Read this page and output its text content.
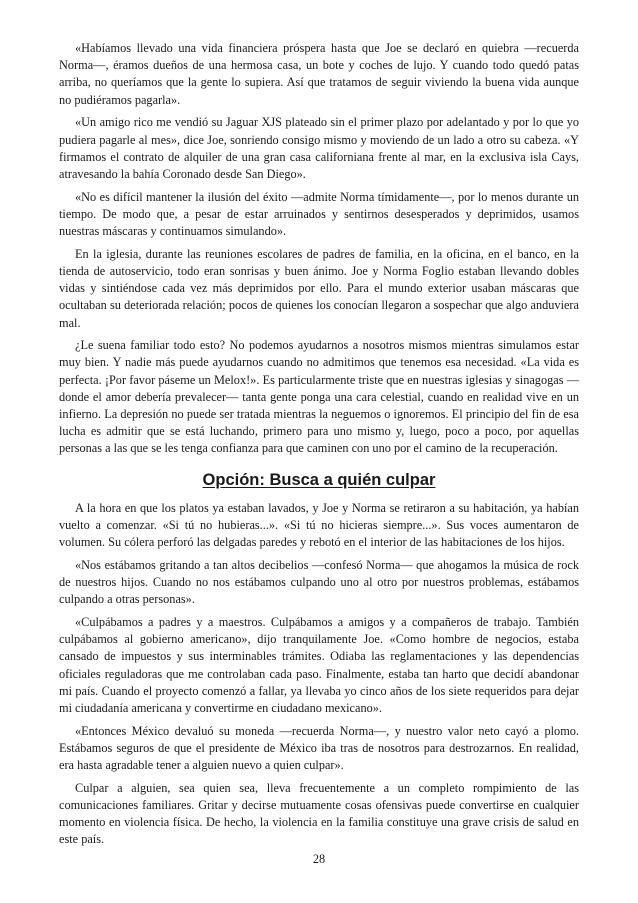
«Habíamos llevado una vida financiera próspera hasta que Joe se declaró en quiebra —recuerda Norma—, éramos dueños de una hermosa casa, un bote y coches de lujo. Y cuando todo quedó patas arriba, no queríamos que la gente lo supiera. Así que tratamos de seguir viviendo la buena vida aunque no pudiéramos pagarla».

«Un amigo rico me vendió su Jaguar XJS plateado sin el primer plazo por adelantado y por lo que yo pudiera pagarle al mes», dice Joe, sonriendo consigo mismo y moviendo de un lado a otro su cabeza. «Y firmamos el contrato de alquiler de una gran casa californiana frente al mar, en la exclusiva isla Cays, atravesando la bahía Coronado desde San Diego».

«No es difícil mantener la ilusión del éxito —admite Norma tímidamente—, por lo menos durante un tiempo. De modo que, a pesar de estar arruinados y sentirnos desesperados y deprimidos, usamos nuestras máscaras y continuamos simulando».

En la iglesia, durante las reuniones escolares de padres de familia, en la oficina, en el banco, en la tienda de autoservicio, todo eran sonrisas y buen ánimo. Joe y Norma Foglio estaban llevando dobles vidas y sintiéndose cada vez más deprimidos por ello. Para el mundo exterior usaban máscaras que ocultaban su deteriorada relación; pocos de quienes los conocían llegaron a sospechar que algo anduviera mal.

¿Le suena familiar todo esto? No podemos ayudarnos a nosotros mismos mientras simulamos estar muy bien. Y nadie más puede ayudarnos cuando no admitimos que tenemos esa necesidad. «La vida es perfecta. ¡Por favor páseme un Melox!». Es particularmente triste que en nuestras iglesias y sinagogas —donde el amor debería prevalecer— tanta gente ponga una cara celestial, cuando en realidad vive en un infierno. La depresión no puede ser tratada mientras la neguemos o ignoremos. El principio del fin de esa lucha es admitir que se está luchando, primero para uno mismo y, luego, poco a poco, por aquellas personas a las que se les tenga confianza para que caminen con uno por el camino de la recuperación.

Opción: Busca a quién culpar

A la hora en que los platos ya estaban lavados, y Joe y Norma se retiraron a su habitación, ya habían vuelto a comenzar. «Si tú no hubieras...». «Si tú no hicieras siempre...». Sus voces aumentaron de volumen. Su cólera perforó las delgadas paredes y rebotó en el interior de las habitaciones de los hijos.

«Nos estábamos gritando a tan altos decibelios —confesó Norma— que ahogamos la música de rock de nuestros hijos. Cuando no nos estábamos culpando uno al otro por nuestros problemas, estábamos culpando a otras personas».

«Culpábamos a padres y a maestros. Culpábamos a amigos y a compañeros de trabajo. También culpábamos al gobierno americano», dijo tranquilamente Joe. «Como hombre de negocios, estaba cansado de impuestos y sus interminables trámites. Odiaba las reglamentaciones y las dependencias oficiales reguladoras que me controlaban cada paso. Finalmente, estaba tan harto que decidí abandonar mi país. Cuando el proyecto comenzó a fallar, ya llevaba yo cinco años de los siete requeridos para dejar mi ciudadanía americana y convertirme en ciudadano mexicano».

«Entonces México devaluó su moneda —recuerda Norma—, y nuestro valor neto cayó a plomo. Estábamos seguros de que el presidente de México iba tras de nosotros para destrozarnos. En realidad, era hasta agradable tener a alguien nuevo a quien culpar».

Culpar a alguien, sea quien sea, lleva frecuentemente a un completo rompimiento de las comunicaciones familiares. Gritar y decirse mutuamente cosas ofensivas puede convertirse en cualquier momento en violencia física. De hecho, la violencia en la familia constituye una grave crisis de salud en este país.

28
